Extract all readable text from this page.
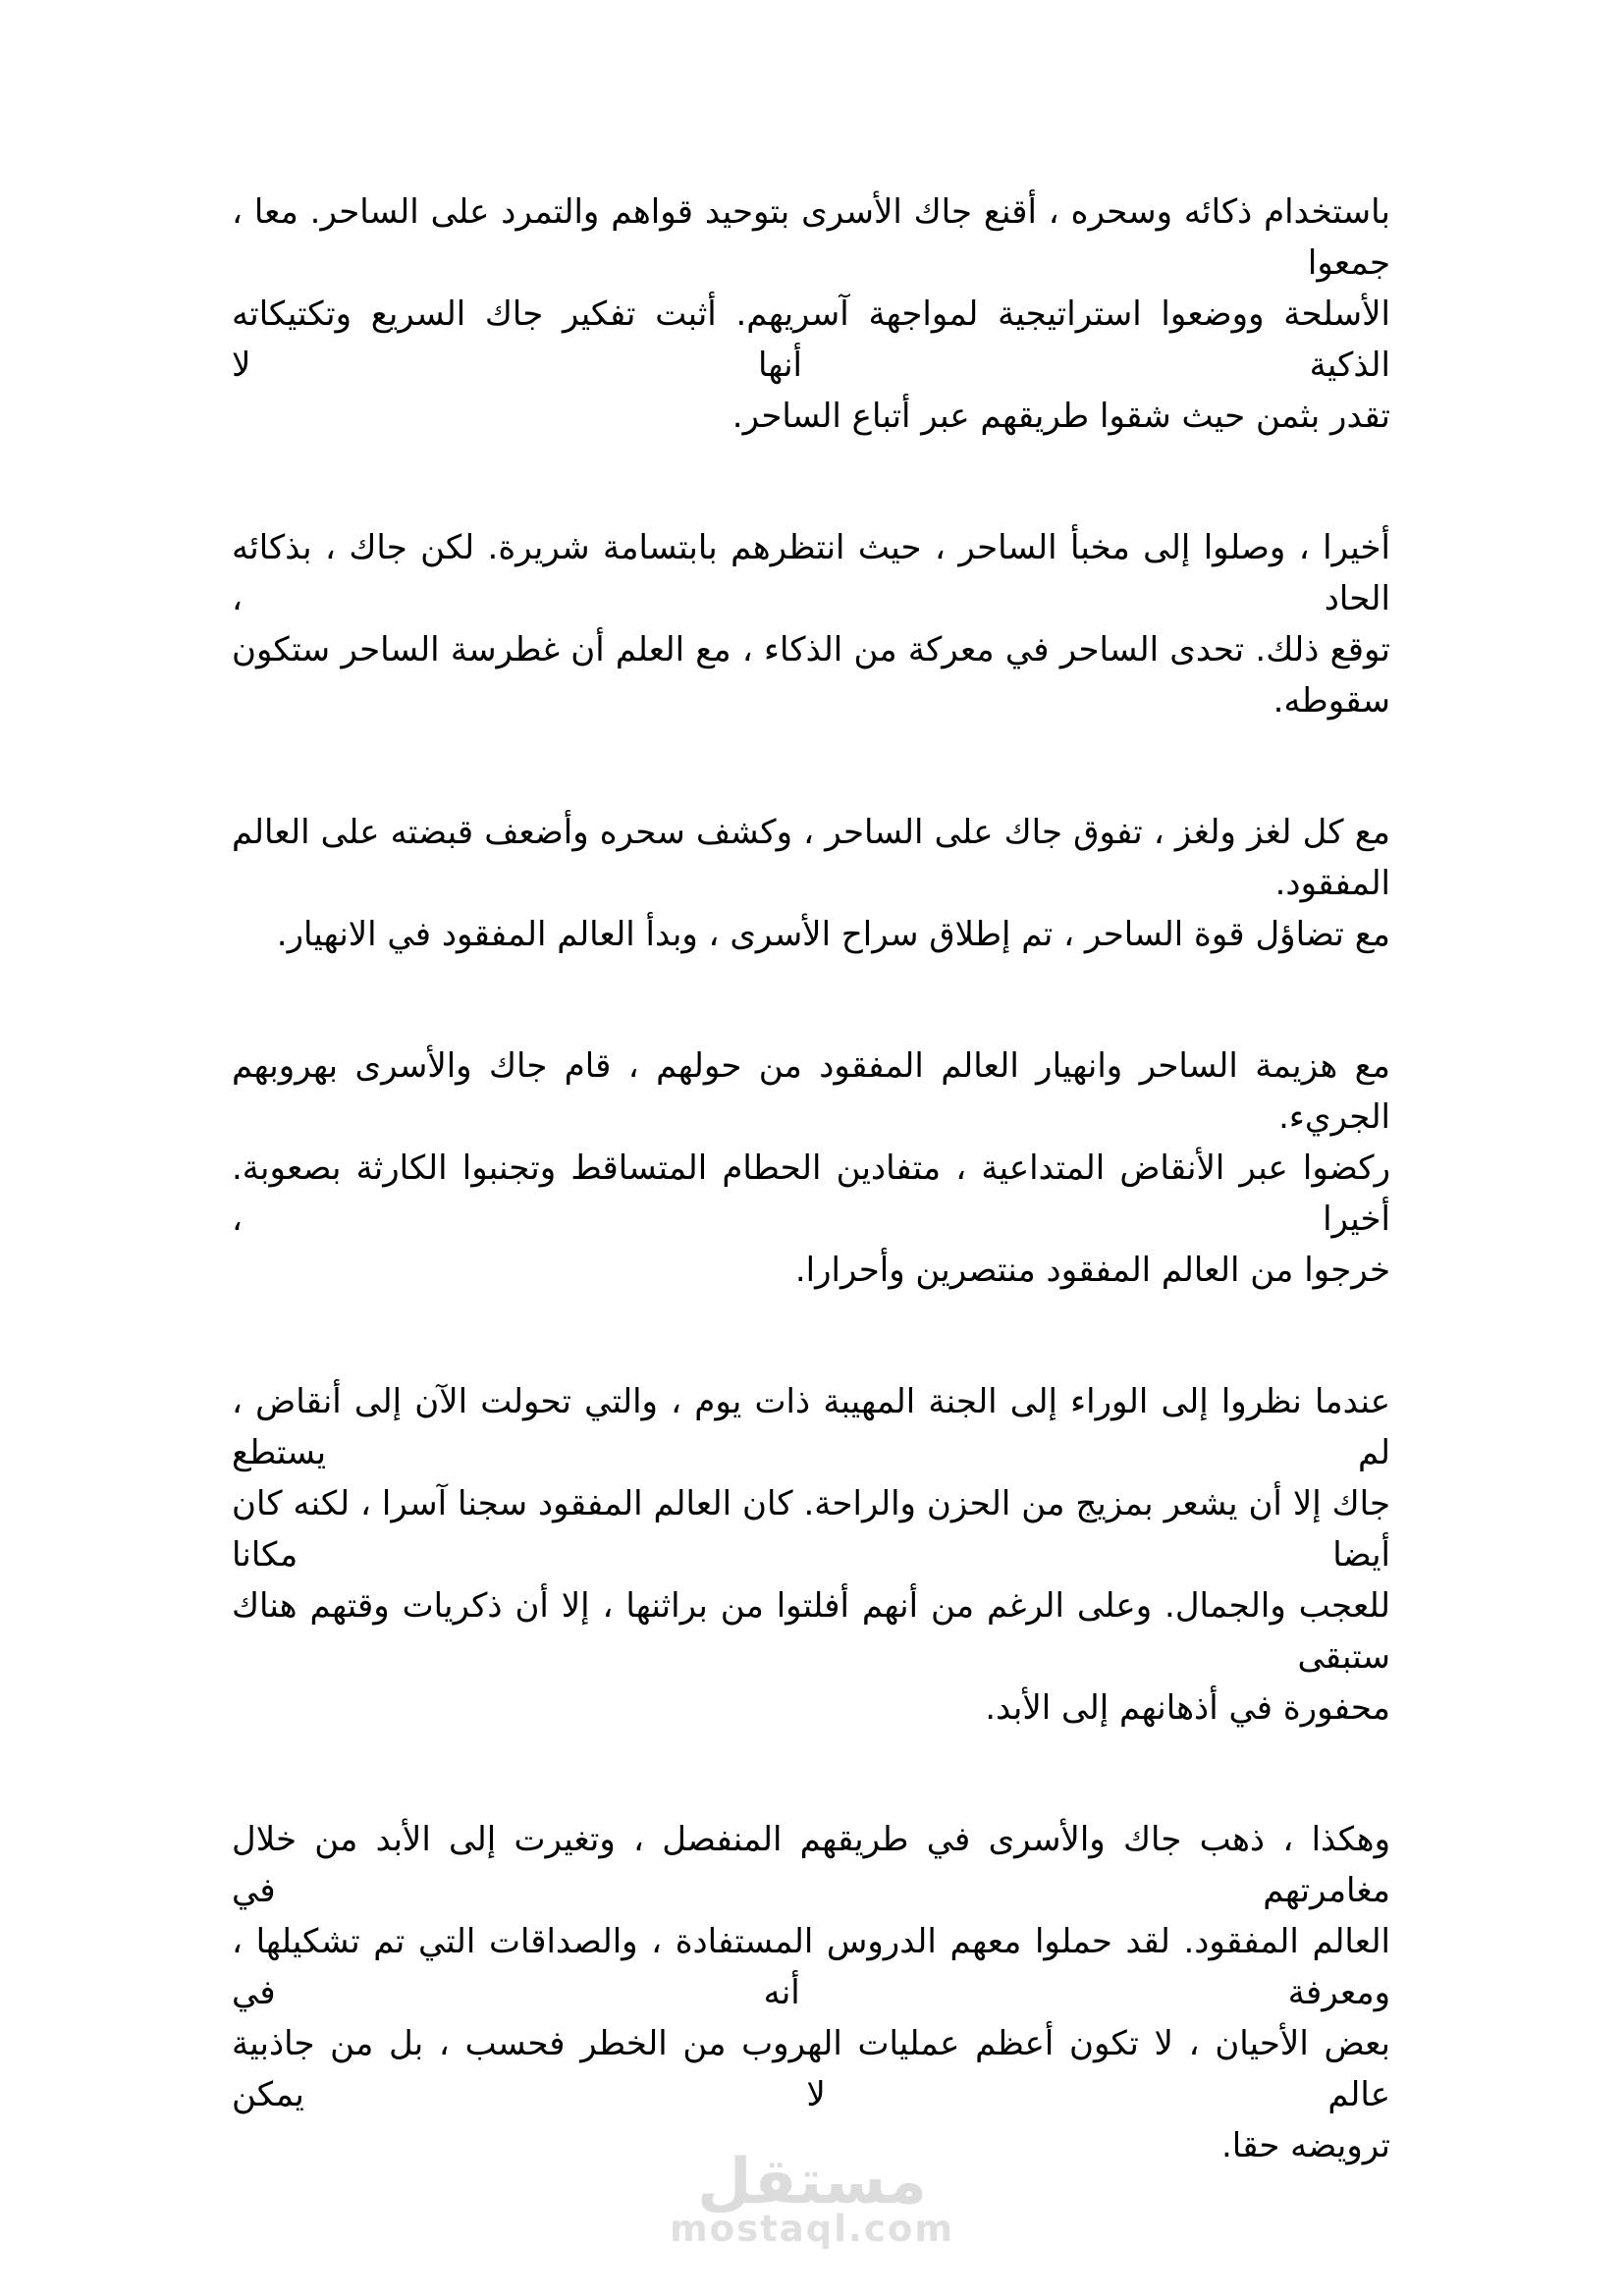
باستخدام ذكائه وسحره ، أقنع جاك الأسرى بتوحيد قواهم والتمرد على الساحر. معا ، جمعوا
الأسلحة ووضعوا استراتيجية لمواجهة آسريهم. أثبت تفكير جاك السريع وتكتيكاته الذكية أنها لا
تقدر بثمن حيث شقوا طريقهم عبر أتباع الساحر.
أخيرا ، وصلوا إلى مخبأ الساحر ، حيث انتظرهم بابتسامة شريرة. لكن جاك ، بذكائه الحاد ،
توقع ذلك. تحدى الساحر في معركة من الذكاء ، مع العلم أن غطرسة الساحر ستكون سقوطه.
مع كل لغز ولغز ، تفوق جاك على الساحر ، وكشف سحره وأضعف قبضته على العالم المفقود.
مع تضاؤل قوة الساحر ، تم إطلاق سراح الأسرى ، وبدأ العالم المفقود في الانهيار.
مع هزيمة الساحر وانهيار العالم المفقود من حولهم ، قام جاك والأسرى بهروبهم الجريء.
ركضوا عبر الأنقاض المتداعية ، متفادين الحطام المتساقط وتجنبوا الكارثة بصعوبة. أخيرا ،
خرجوا من العالم المفقود منتصرين وأحرارا.
عندما نظروا إلى الوراء إلى الجنة المهيبة ذات يوم ، والتي تحولت الآن إلى أنقاض ، لم يستطع
جاك إلا أن يشعر بمزيج من الحزن والراحة. كان العالم المفقود سجنا آسرا ، لكنه كان أيضا مكانا
للعجب والجمال. وعلى الرغم من أنهم أفلتوا من براثنها ، إلا أن ذكريات وقتهم هناك ستبقى
محفورة في أذهانهم إلى الأبد.
وهكذا ، ذهب جاك والأسرى في طريقهم المنفصل ، وتغيرت إلى الأبد من خلال مغامرتهم في
العالم المفقود. لقد حملوا معهم الدروس المستفادة ، والصداقات التي تم تشكيلها ، ومعرفة أنه في
بعض الأحيان ، لا تكون أعظم عمليات الهروب من الخطر فحسب ، بل من جاذبية عالم لا يمكن
ترويضه حقا.
مستقل
mostaql.com
